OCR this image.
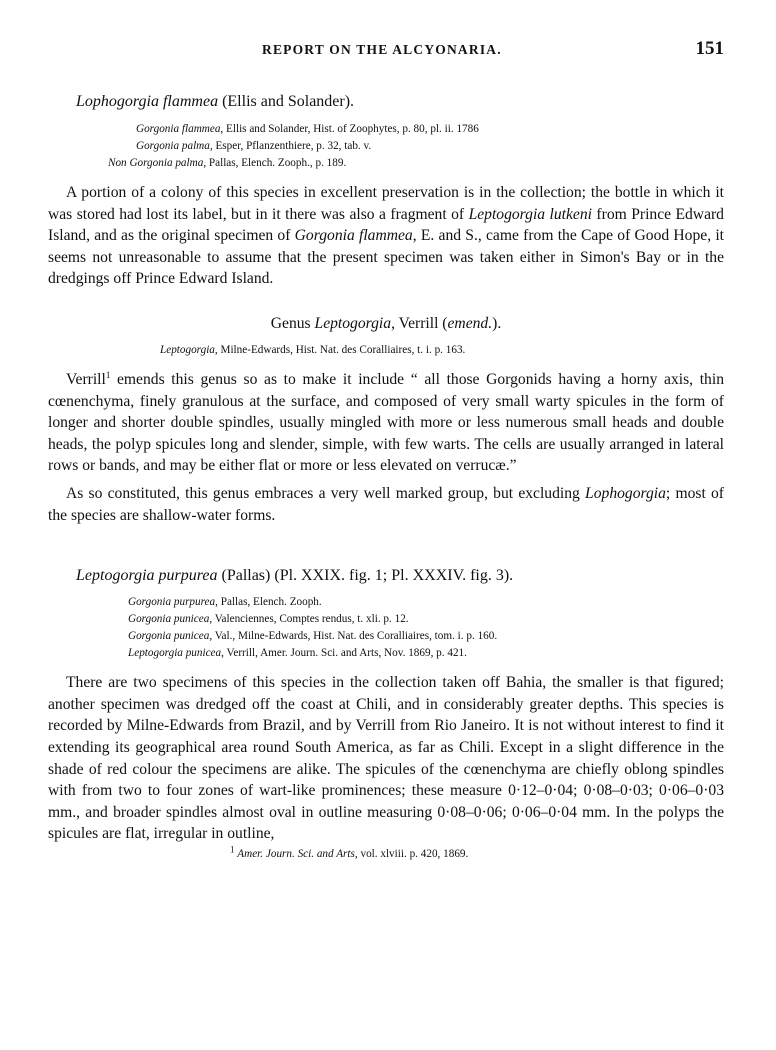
REPORT ON THE ALCYONARIA.	151
Lophogorgia flammea (Ellis and Solander).
Gorgonia flammea, Ellis and Solander, Hist. of Zoophytes, p. 80, pl. ii. 1786
Gorgonia palma, Esper, Pflanzenthiere, p. 32, tab. v.
Non Gorgonia palma, Pallas, Elench. Zooph., p. 189.

A portion of a colony of this species in excellent preservation is in the collection; the bottle in which it was stored had lost its label, but in it there was also a fragment of Leptogorgia lutkeni from Prince Edward Island, and as the original specimen of Gorgonia flammea, E. and S., came from the Cape of Good Hope, it seems not unreasonable to assume that the present specimen was taken either in Simon's Bay or in the dredgings off Prince Edward Island.

Genus Leptogorgia, Verrill (emend.).
Leptogorgia, Milne-Edwards, Hist. Nat. des Coralliaires, t. i. p. 163.

Verrill$^1$ emends this genus so as to make it include “ all those Gorgonids having a horny axis, thin cœnenchyma, finely granulous at the surface, and composed of very small warty spicules in the form of longer and shorter double spindles, usually mingled with more or less numerous small heads and double heads, the polyp spicules long and slender, simple, with few warts. The cells are usually arranged in lateral rows or bands, and may be either flat or more or less elevated on verrucæ.”

As so constituted, this genus embraces a very well marked group, but excluding Lophogorgia; most of the species are shallow-water forms.

Leptogorgia purpurea (Pallas) (Pl. XXIX. fig. 1; Pl. XXXIV. fig. 3).
Gorgonia purpurea, Pallas, Elench. Zooph.
Gorgonia punicea, Valenciennes, Comptes rendus, t. xli. p. 12.
Gorgonia punicea, Val., Milne-Edwards, Hist. Nat. des Coralliaires, tom. i. p. 160.
Leptogorgia punicea, Verrill, Amer. Journ. Sci. and Arts, Nov. 1869, p. 421.

There are two specimens of this species in the collection taken off Bahia, the smaller is that figured; another specimen was dredged off the coast at Chili, and in considerably greater depths. This species is recorded by Milne-Edwards from Brazil, and by Verrill from Rio Janeiro. It is not without interest to find it extending its geographical area round South America, as far as Chili. Except in a slight difference in the shade of red colour the specimens are alike. The spicules of the cœnenchyma are chiefly oblong spindles with from two to four zones of wart-like prominences; these measure 0·12–0·04; 0·08–0·03; 0·06–0·03 mm., and broader spindles almost oval in outline measuring 0·08–0·06; 0·06–0·04 mm. In the polyps the spicules are flat, irregular in outline,

$^1$ Amer. Journ. Sci. and Arts, vol. xlviii. p. 420, 1869.
